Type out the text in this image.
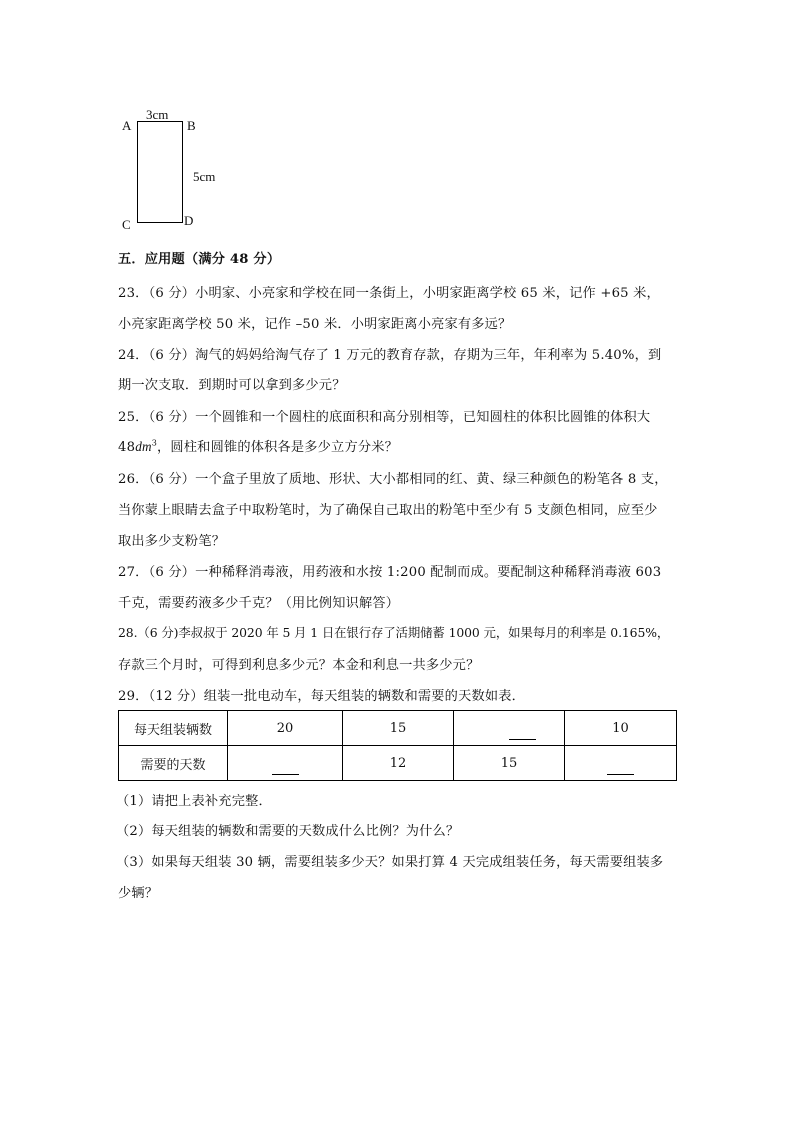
A	B
C	D
3cm
5cm
五．应用题（满分 48 分）
23．（6 分）小明家、小亮家和学校在同一条街上，小明家距离学校 65 米，记作 +65 米，
小亮家距离学校 50 米，记作 –50 米．小明家距离小亮家有多远？
24．（6 分）淘气的妈妈给淘气存了 1 万元的教育存款，存期为三年，年利率为 5.40%，到
期一次支取．到期时可以拿到多少元？
25．（6 分）一个圆锥和一个圆柱的底面积和高分别相等，已知圆柱的体积比圆锥的体积大
$48dm^3$，圆柱和圆锥的体积各是多少立方分米？
26．（6 分）一个盒子里放了质地、形状、大小都相同的红、黄、绿三种颜色的粉笔各 8 支，
当你蒙上眼睛去盒子中取粉笔时，为了确保自己取出的粉笔中至少有 5 支颜色相同，应至少
取出多少支粉笔？
27．（6 分）一种稀释消毒液，用药液和水按 1:200 配制而成。要配制这种稀释消毒液 603
千克，需要药液多少千克？（用比例知识解答）
28.（6 分)李叔叔于 2020 年 5 月 1 日在银行存了活期储蓄 1000 元，如果每月的利率是 0.165%，
存款三个月时，可得到利息多少元？本金和利息一共多少元？
29．（12 分）组装一批电动车，每天组装的辆数和需要的天数如表．
每天组装辆数	20	15		10
需要的天数		12	15	
（1）请把上表补充完整．
（2）每天组装的辆数和需要的天数成什么比例？为什么？
（3）如果每天组装 30 辆，需要组装多少天？如果打算 4 天完成组装任务，每天需要组装多
少辆？
